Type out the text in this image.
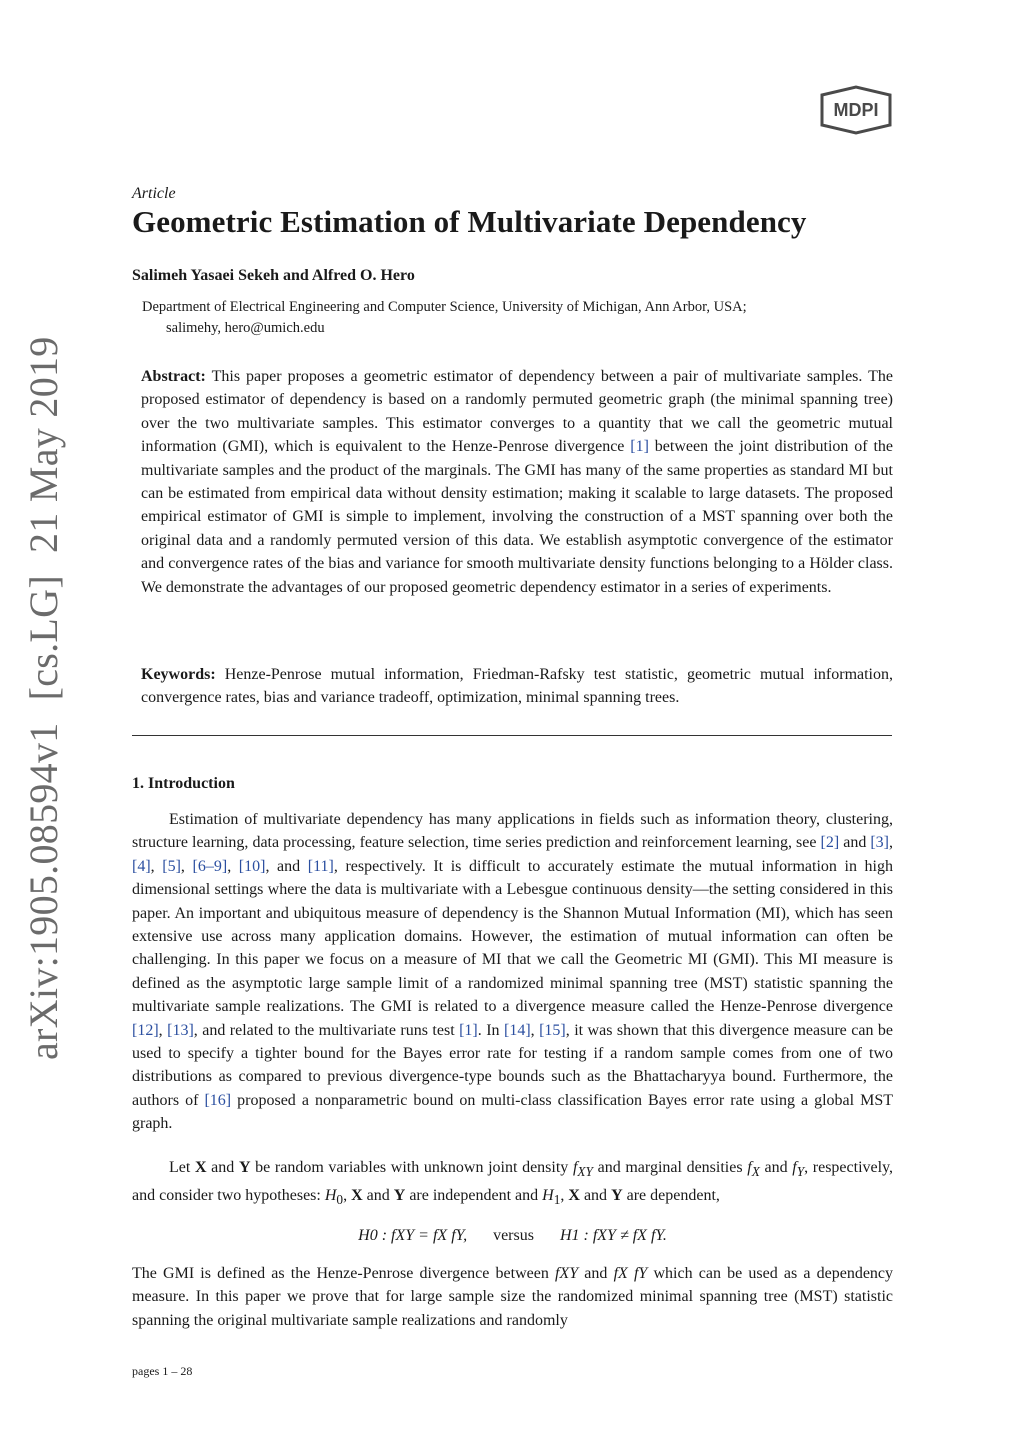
arXiv:1905.08594v1[cs.LG]21 May 2019
MDPI
Article
Geometric Estimation of Multivariate Dependency
Salimeh Yasaei Sekeh and Alfred O. Hero
Department of Electrical Engineering and Computer Science, University of Michigan, Ann Arbor, USA;
salimehy, hero@umich.edu
Abstract: This paper proposes a geometric estimator of dependency between a pair of multivariate samples. The proposed estimator of dependency is based on a randomly permuted geometric graph (the minimal spanning tree) over the two multivariate samples. This estimator converges to a quantity that we call the geometric mutual information (GMI), which is equivalent to the Henze-Penrose divergence [1] between the joint distribution of the multivariate samples and the product of the marginals. The GMI has many of the same properties as standard MI but can be estimated from empirical data without density estimation; making it scalable to large datasets. The proposed empirical estimator of GMI is simple to implement, involving the construction of a MST spanning over both the original data and a randomly permuted version of this data. We establish asymptotic convergence of the estimator and convergence rates of the bias and variance for smooth multivariate density functions belonging to a Hölder class. We demonstrate the advantages of our proposed geometric dependency estimator in a series of experiments.
Keywords: Henze-Penrose mutual information, Friedman-Rafsky test statistic, geometric mutual information, convergence rates, bias and variance tradeoff, optimization, minimal spanning trees.
1. Introduction

Estimation of multivariate dependency has many applications in fields such as information theory, clustering, structure learning, data processing, feature selection, time series prediction and reinforcement learning, see [2] and [3], [4], [5], [6–9], [10], and [11], respectively. It is difficult to accurately estimate the mutual information in high dimensional settings where the data is multivariate with a Lebesgue continuous density—the setting considered in this paper. An important and ubiquitous measure of dependency is the Shannon Mutual Information (MI), which has seen extensive use across many application domains. However, the estimation of mutual information can often be challenging. In this paper we focus on a measure of MI that we call the Geometric MI (GMI). This MI measure is defined as the asymptotic large sample limit of a randomized minimal spanning tree (MST) statistic spanning the multivariate sample realizations. The GMI is related to a divergence measure called the Henze-Penrose divergence [12], [13], and related to the multivariate runs test [1]. In [14], [15], it was shown that this divergence measure can be used to specify a tighter bound for the Bayes error rate for testing if a random sample comes from one of two distributions as compared to previous divergence-type bounds such as the Bhattacharyya bound. Furthermore, the authors of [16] proposed a nonparametric bound on multi-class classification Bayes error rate using a global MST graph.

Let X and Y be random variables with unknown joint density $f_{XY}$ and marginal densities $f_X$ and $f_Y$, respectively, and consider two hypotheses: $H_0$, X and Y are independent and $H_1$, X and Y are dependent,

H0 : fXY = fX fY, versus H1 : fXY ≠ fX fY.

The GMI is defined as the Henze-Penrose divergence between fXY and fX fY which can be used as a dependency measure. In this paper we prove that for large sample size the randomized minimal spanning tree (MST) statistic spanning the original multivariate sample realizations and randomly

pages 1 – 28
